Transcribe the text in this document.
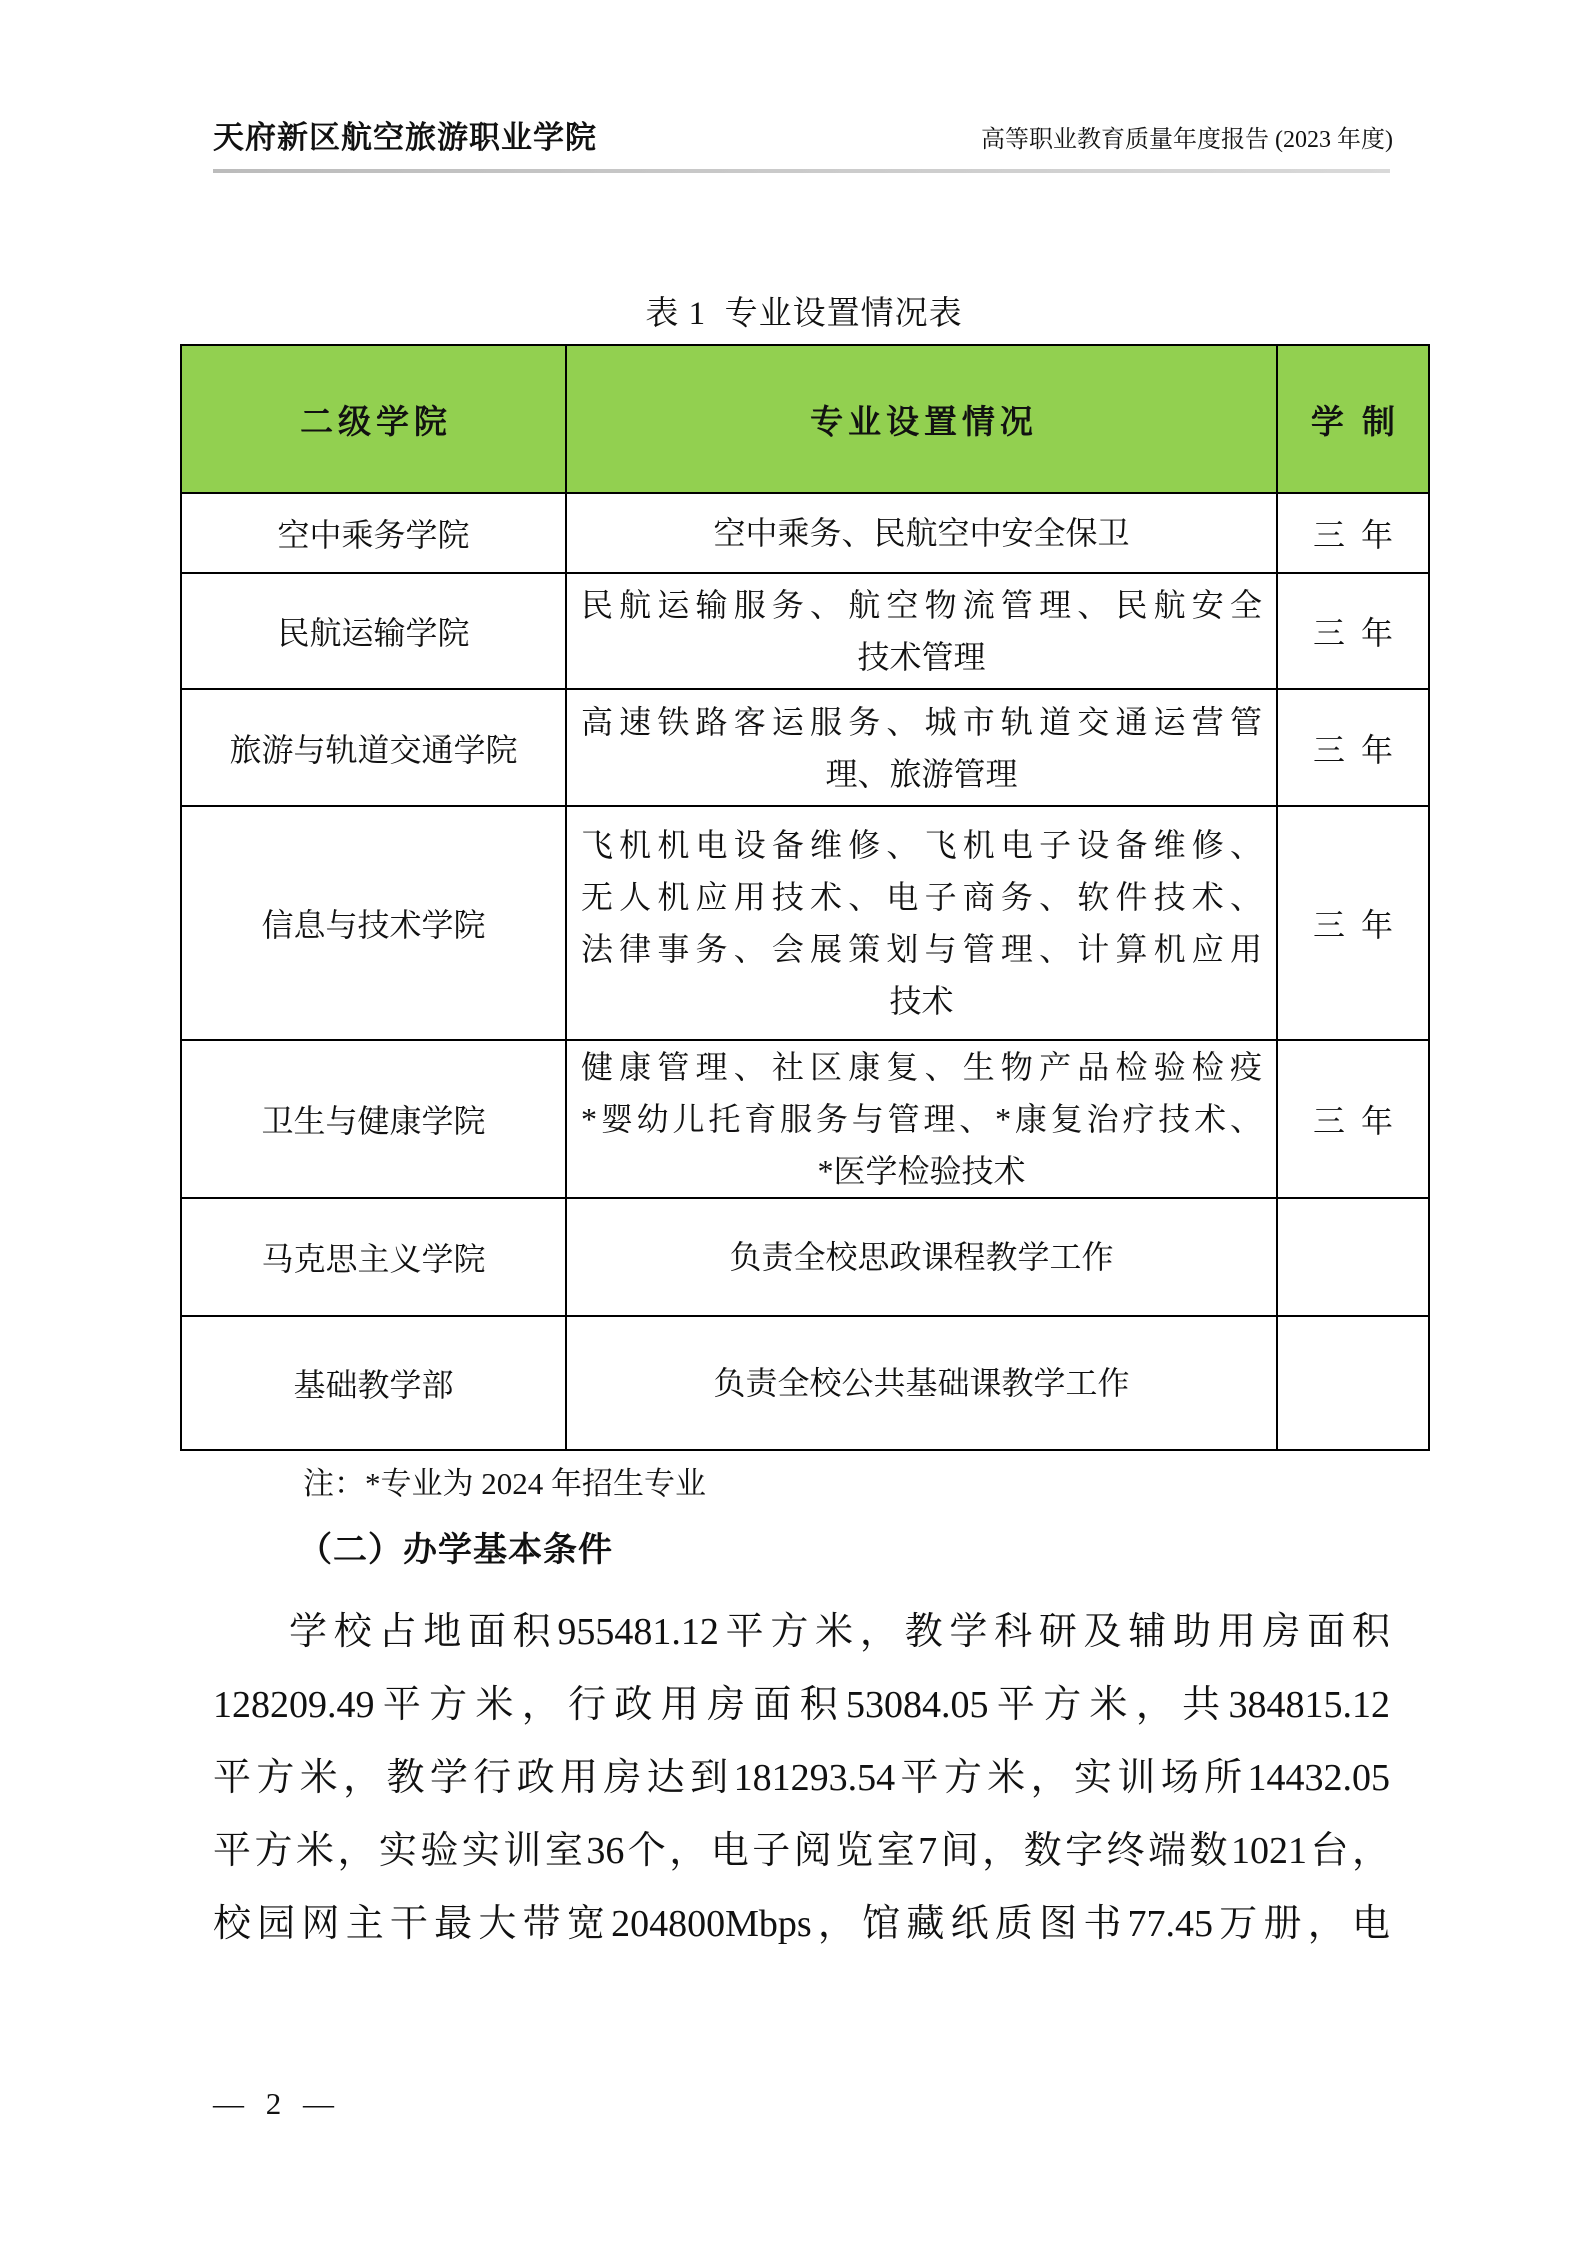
天府新区航空旅游职业学院	高等职业教育质量年度报告 (2023 年度)
表 1  专业设置情况表
二级学院	专业设置情况	学制
空中乘务学院	空中乘务、民航空中安全保卫	三年
民航运输学院	民航运输服务、航空物流管理、民航安全
技术管理	三年
旅游与轨道交通学院	高速铁路客运服务、城市轨道交通运营管
理、旅游管理	三年
信息与技术学院	飞机机电设备维修、飞机电子设备维修、
无人机应用技术、电子商务、软件技术、
法律事务、会展策划与管理、计算机应用
技术	三年
卫生与健康学院	健康管理、社区康复、生物产品检验检疫
*婴幼儿托育服务与管理、*康复治疗技术、
*医学检验技术	三年
马克思主义学院	负责全校思政课程教学工作	

基础教学部	负责全校公共基础课教学工作	

注：*专业为 2024 年招生专业
（二）办学基本条件
学校占地面积955481.12平方米，教学科研及辅助用房面积
128209.49平方米，行政用房面积53084.05平方米，共384815.12
平方米，教学行政用房达到181293.54平方米，实训场所14432.05
平方米，实验实训室36个，电子阅览室7间，数字终端数1021台，
校园网主干最大带宽204800Mbps，馆藏纸质图书77.45万册，电
— 2 —
